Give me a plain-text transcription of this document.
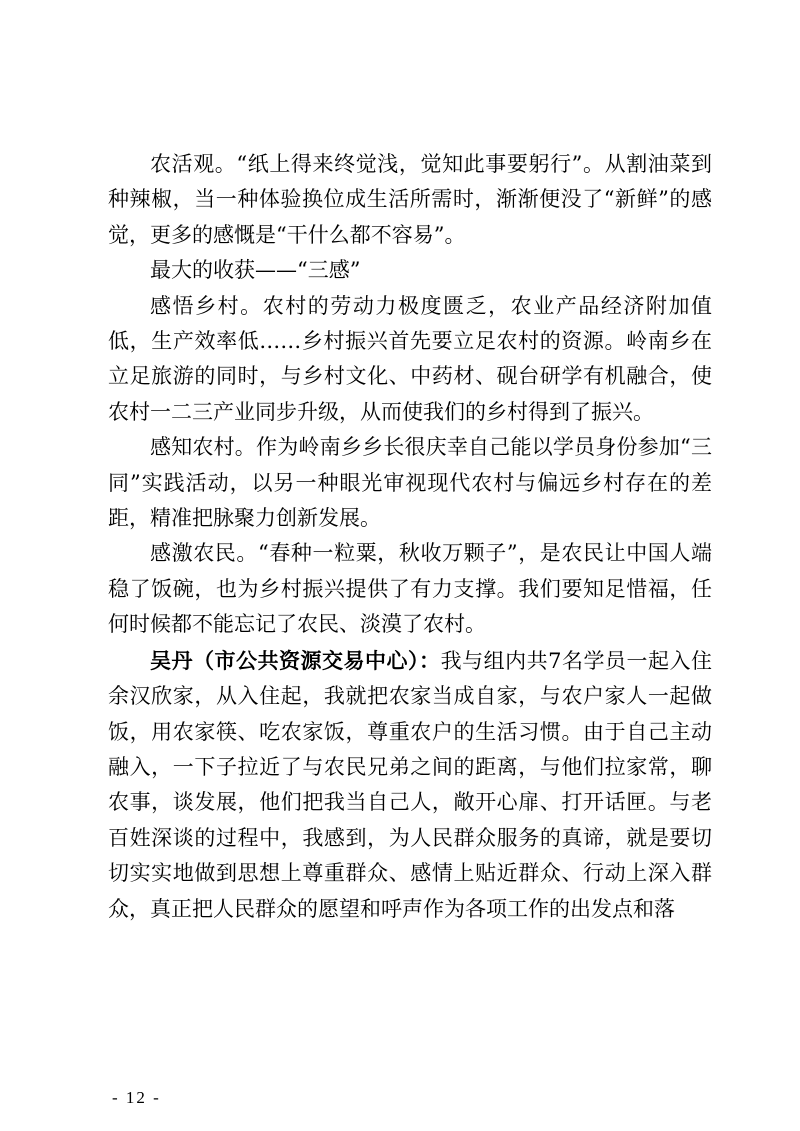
农活观。“纸上得来终觉浅，觉知此事要躬行”。从割油菜到种辣椒，当一种体验换位成生活所需时，渐渐便没了“新鲜”的感觉，更多的感慨是“干什么都不容易”。

最大的收获——“三感”

感悟乡村。农村的劳动力极度匮乏，农业产品经济附加值低，生产效率低……乡村振兴首先要立足农村的资源。岭南乡在立足旅游的同时，与乡村文化、中药材、砚台研学有机融合，使农村一二三产业同步升级，从而使我们的乡村得到了振兴。

感知农村。作为岭南乡乡长很庆幸自己能以学员身份参加“三同”实践活动，以另一种眼光审视现代农村与偏远乡村存在的差距，精准把脉聚力创新发展。

感激农民。“春种一粒粟，秋收万颗子”，是农民让中国人端稳了饭碗，也为乡村振兴提供了有力支撑。我们要知足惜福，任何时候都不能忘记了农民、淡漠了农村。

吴丹（市公共资源交易中心）：我与组内共7名学员一起入住余汉欣家，从入住起，我就把农家当成自家，与农户家人一起做饭，用农家筷、吃农家饭，尊重农户的生活习惯。由于自己主动融入，一下子拉近了与农民兄弟之间的距离，与他们拉家常，聊农事，谈发展，他们把我当自己人，敞开心扉、打开话匣。与老百姓深谈的过程中，我感到，为人民群众服务的真谛，就是要切切实实地做到思想上尊重群众、感情上贴近群众、行动上深入群众，真正把人民群众的愿望和呼声作为各项工作的出发点和落

- 12 -
